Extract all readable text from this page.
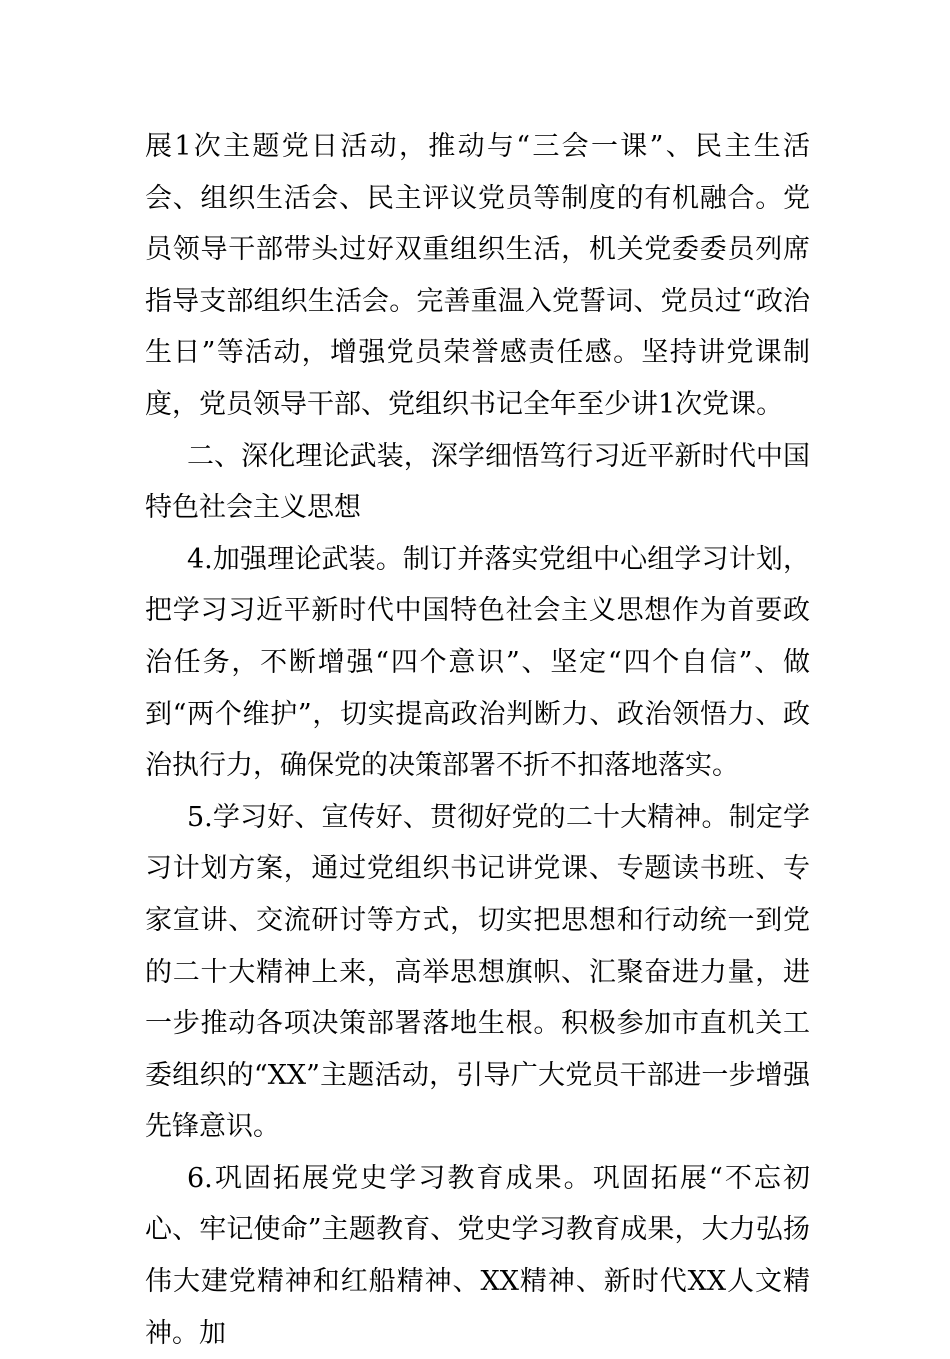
展1次主题党日活动，推动与“三会一课”、民主生活会、组织生活会、民主评议党员等制度的有机融合。党员领导干部带头过好双重组织生活，机关党委委员列席指导支部组织生活会。完善重温入党誓词、党员过“政治生日”等活动，增强党员荣誉感责任感。坚持讲党课制度，党员领导干部、党组织书记全年至少讲1次党课。

二、深化理论武装，深学细悟笃行习近平新时代中国特色社会主义思想

4.加强理论武装。制订并落实党组中心组学习计划，把学习习近平新时代中国特色社会主义思想作为首要政治任务，不断增强“四个意识”、坚定“四个自信”、做到“两个维护”，切实提高政治判断力、政治领悟力、政治执行力，确保党的决策部署不折不扣落地落实。

5.学习好、宣传好、贯彻好党的二十大精神。制定学习计划方案，通过党组织书记讲党课、专题读书班、专家宣讲、交流研讨等方式，切实把思想和行动统一到党的二十大精神上来，高举思想旗帜、汇聚奋进力量，进一步推动各项决策部署落地生根。积极参加市直机关工委组织的“XX”主题活动，引导广大党员干部进一步增强先锋意识。

6.巩固拓展党史学习教育成果。巩固拓展“不忘初心、牢记使命”主题教育、党史学习教育成果，大力弘扬伟大建党精神和红船精神、XX精神、新时代XX人文精神。加
